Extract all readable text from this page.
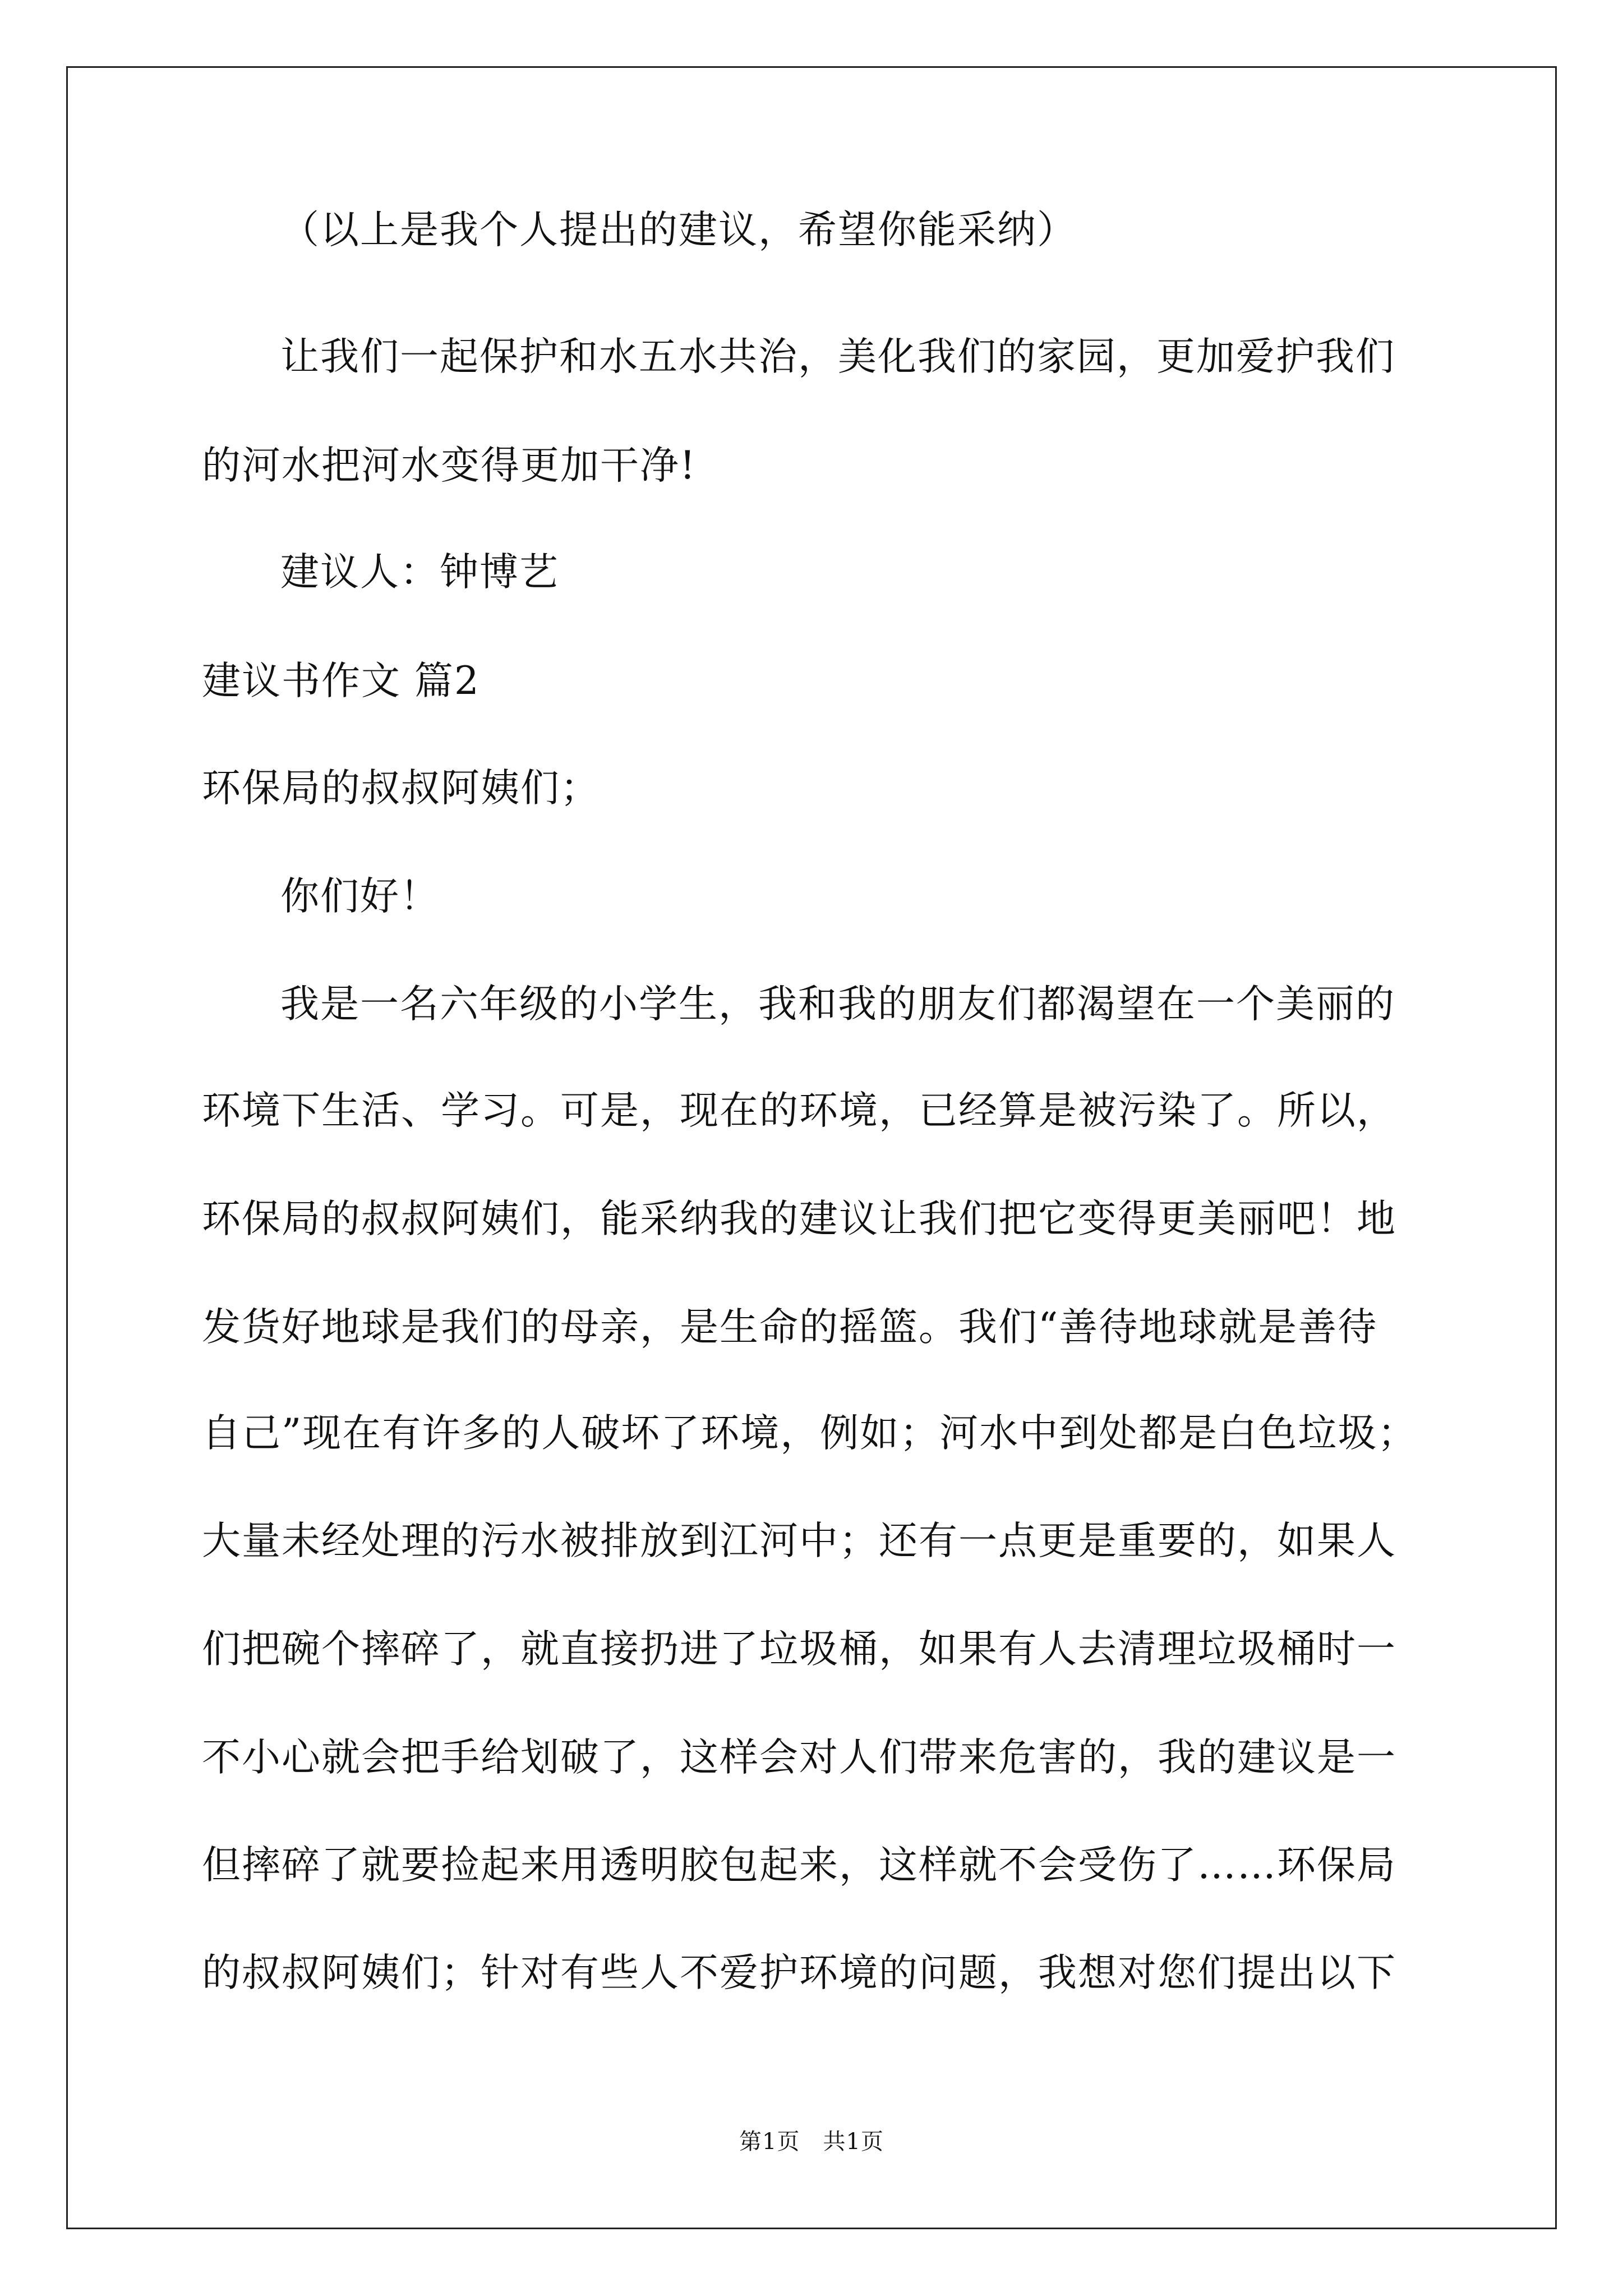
（以上是我个人提出的建议，希望你能采纳）
让我们一起保护和水五水共治，美化我们的家园，更加爱护我们
的河水把河水变得更加干净!
建议人：钟博艺
建议书作文 篇2
环保局的叔叔阿姨们；
你们好！
我是一名六年级的小学生，我和我的朋友们都渴望在一个美丽的
环境下生活、学习。可是，现在的环境，已经算是被污染了。所以，
环保局的叔叔阿姨们，能采纳我的建议让我们把它变得更美丽吧！地
发货好地球是我们的母亲，是生命的摇篮。我们“善待地球就是善待
自己”现在有许多的人破坏了环境，例如；河水中到处都是白色垃圾；
大量未经处理的污水被排放到江河中；还有一点更是重要的，如果人
们把碗个摔碎了，就直接扔进了垃圾桶，如果有人去清理垃圾桶时一
不小心就会把手给划破了，这样会对人们带来危害的，我的建议是一
但摔碎了就要捡起来用透明胶包起来，这样就不会受伤了……环保局
的叔叔阿姨们；针对有些人不爱护环境的问题，我想对您们提出以下
第1页　共1页
